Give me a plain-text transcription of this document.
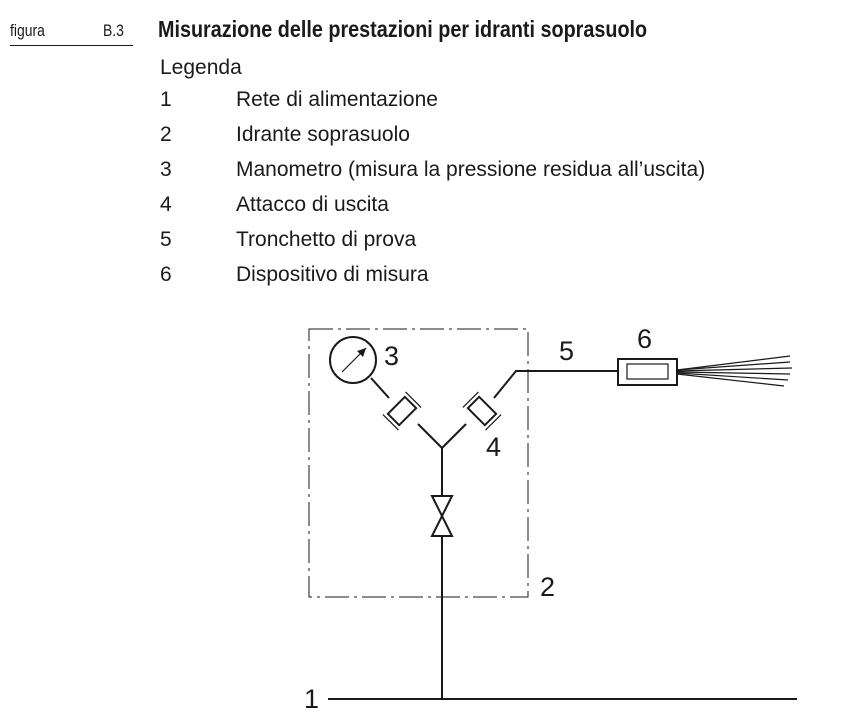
figura	B.3 Misurazione delle prestazioni per idranti soprasuolo
Legenda
1	Rete di alimentazione
2	Idrante soprasuolo
3	Manometro (misura la pressione residua all’uscita)
4	Attacco di uscita
5	Tronchetto di prova
6	Dispositivo di misura
1
2
3
4
5 6
